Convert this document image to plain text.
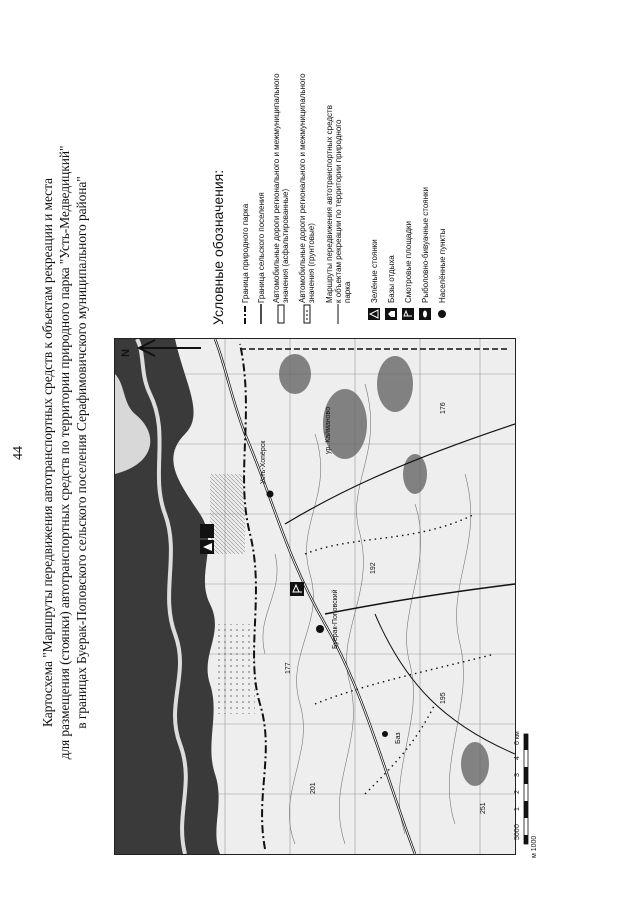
44 Картосхема "Маршруты передвижения автотранспортных средств к объектам рекреации и места для размещения (стоянки) автотранспортных средств по территории природного парка "Усть-Медведицкий" в границах Буерак-Поповского сельского поселения Серафимовичского муниципального района"
Буерак-Поповский
Усть-Хопёрск
Баз
ур. Кайманово
177
201
192
195
176
251
м 1000
500
0
1
2
3
4
6 км
N
Условные обозначения: Граница природного парка Граница сельского поселения Автомобильные дороги регионального и межмуниципального значения (асфальтированные) Автомобильные дороги регионального и межмуниципального значения (грунтовые) Маршруты передвижения автотранспортных средств к объектам рекреации по территории природного парка Зелёные стоянки Базы отдыха Смотровые площадки Рыболовно-бивуачные стоянки Населённые пункты
